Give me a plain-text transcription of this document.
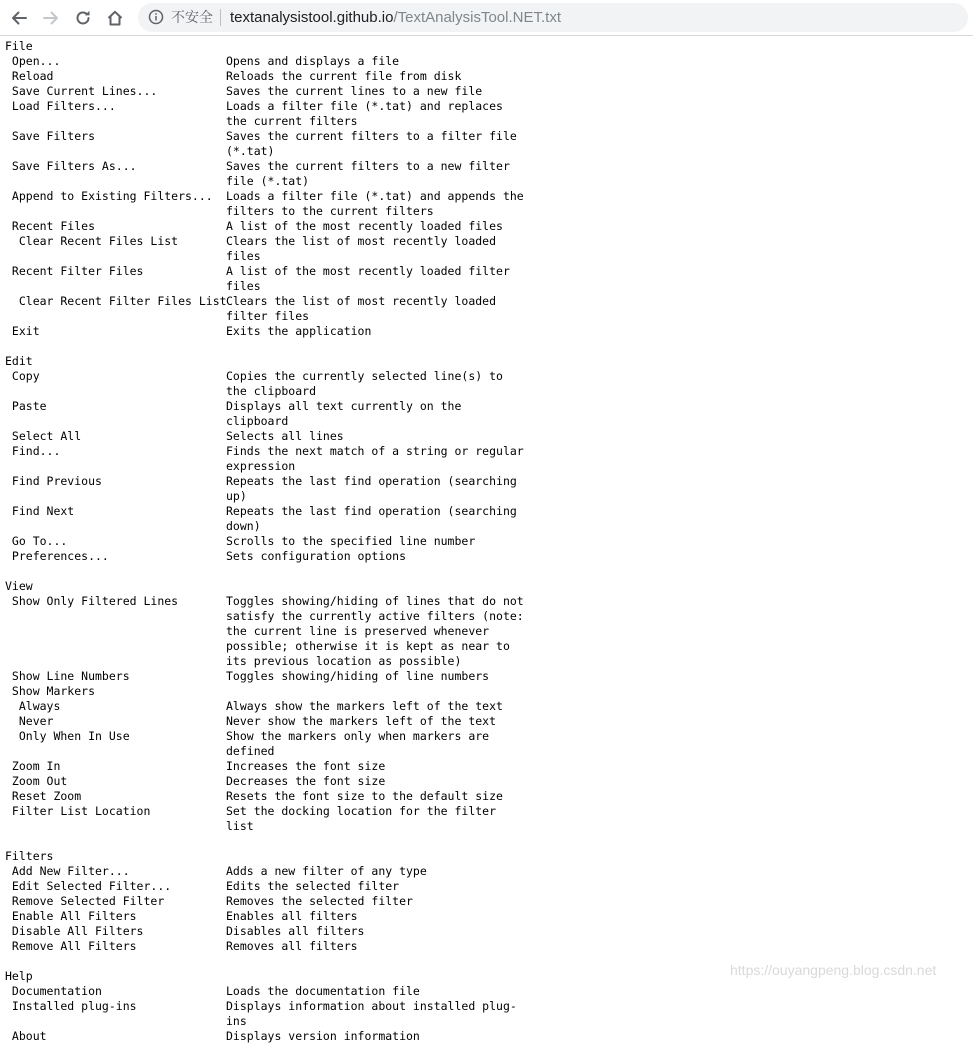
不安全 textanalysistool.github.io/TextAnalysisTool.NET.txt
File
Open...	Opens and displays a file
Reload	Reloads the current file from disk
Save Current Lines...	Saves the current lines to a new file
Load Filters...	Loads a filter file (*.tat) and replaces the current filters
Save Filters	Saves the current filters to a filter file (*.tat)
Save Filters As...	Saves the current filters to a new filter file (*.tat)
Append to Existing Filters...	Loads a filter file (*.tat) and appends the filters to the current filters
Recent Files	A list of the most recently loaded files
Clear Recent Files List	Clears the list of most recently loaded files
Recent Filter Files	A list of the most recently loaded filter files
Clear Recent Filter Files List Clears the list of most recently loaded filter files
Exit	Exits the application
Edit
Copy	Copies the currently selected line(s) to the clipboard
Paste	Displays all text currently on the clipboard
Select All	Selects all lines
Find...	Finds the next match of a string or regular expression
Find Previous	Repeats the last find operation (searching up)
Find Next	Repeats the last find operation (searching down)
Go To...	Scrolls to the specified line number
Preferences...	Sets configuration options
View
Show Only Filtered Lines	Toggles showing/hiding of lines that do not satisfy the currently active filters (note: the current line is preserved whenever possible; otherwise it is kept as near to its previous location as possible)
Show Line Numbers	Toggles showing/hiding of line numbers
Show Markers
Always	Always show the markers left of the text
Never	Never show the markers left of the text
Only When In Use	Show the markers only when markers are defined
Zoom In	Increases the font size
Zoom Out	Decreases the font size
Reset Zoom	Resets the font size to the default size
Filter List Location	Set the docking location for the filter list
Filters
Add New Filter...	Adds a new filter of any type
Edit Selected Filter...	Edits the selected filter
Remove Selected Filter	Removes the selected filter
Enable All Filters	Enables all filters
Disable All Filters	Disables all filters
Remove All Filters	Removes all filters
Help
Documentation	Loads the documentation file
Installed plug-ins	Displays information about installed plug-ins
About	Displays version information
https://ouyangpeng.blog.csdn.net
